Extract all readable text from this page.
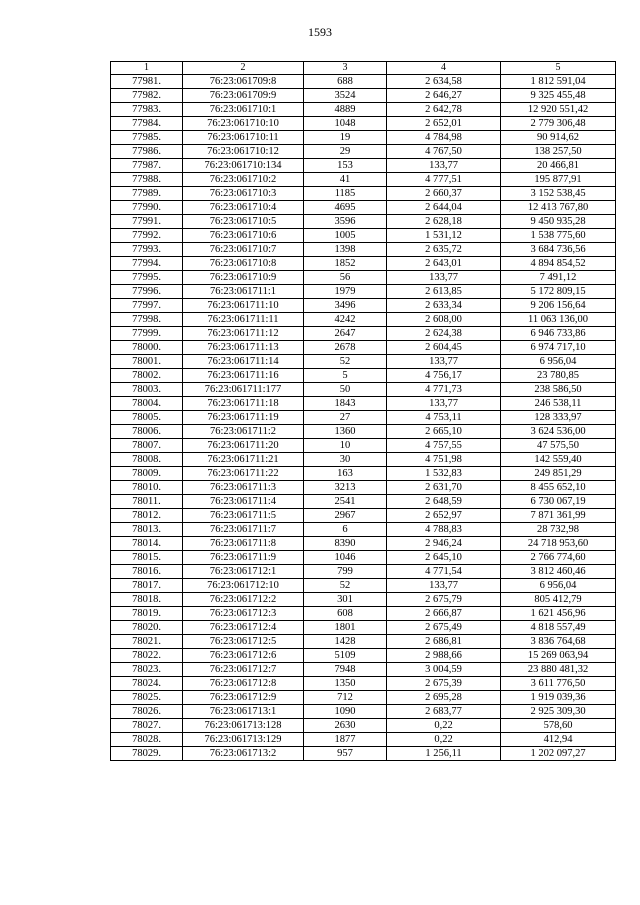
1593
1	2	3	4	5
77981.	76:23:061709:8	688	2 634,58	1 812 591,04
77982.	76:23:061709:9	3524	2 646,27	9 325 455,48
77983.	76:23:061710:1	4889	2 642,78	12 920 551,42
77984.	76:23:061710:10	1048	2 652,01	2 779 306,48
77985.	76:23:061710:11	19	4 784,98	90 914,62
77986.	76:23:061710:12	29	4 767,50	138 257,50
77987.	76:23:061710:134	153	133,77	20 466,81
77988.	76:23:061710:2	41	4 777,51	195 877,91
77989.	76:23:061710:3	1185	2 660,37	3 152 538,45
77990.	76:23:061710:4	4695	2 644,04	12 413 767,80
77991.	76:23:061710:5	3596	2 628,18	9 450 935,28
77992.	76:23:061710:6	1005	1 531,12	1 538 775,60
77993.	76:23:061710:7	1398	2 635,72	3 684 736,56
77994.	76:23:061710:8	1852	2 643,01	4 894 854,52
77995.	76:23:061710:9	56	133,77	7 491,12
77996.	76:23:061711:1	1979	2 613,85	5 172 809,15
77997.	76:23:061711:10	3496	2 633,34	9 206 156,64
77998.	76:23:061711:11	4242	2 608,00	11 063 136,00
77999.	76:23:061711:12	2647	2 624,38	6 946 733,86
78000.	76:23:061711:13	2678	2 604,45	6 974 717,10
78001.	76:23:061711:14	52	133,77	6 956,04
78002.	76:23:061711:16	5	4 756,17	23 780,85
78003.	76:23:061711:177	50	4 771,73	238 586,50
78004.	76:23:061711:18	1843	133,77	246 538,11
78005.	76:23:061711:19	27	4 753,11	128 333,97
78006.	76:23:061711:2	1360	2 665,10	3 624 536,00
78007.	76:23:061711:20	10	4 757,55	47 575,50
78008.	76:23:061711:21	30	4 751,98	142 559,40
78009.	76:23:061711:22	163	1 532,83	249 851,29
78010.	76:23:061711:3	3213	2 631,70	8 455 652,10
78011.	76:23:061711:4	2541	2 648,59	6 730 067,19
78012.	76:23:061711:5	2967	2 652,97	7 871 361,99
78013.	76:23:061711:7	6	4 788,83	28 732,98
78014.	76:23:061711:8	8390	2 946,24	24 718 953,60
78015.	76:23:061711:9	1046	2 645,10	2 766 774,60
78016.	76:23:061712:1	799	4 771,54	3 812 460,46
78017.	76:23:061712:10	52	133,77	6 956,04
78018.	76:23:061712:2	301	2 675,79	805 412,79
78019.	76:23:061712:3	608	2 666,87	1 621 456,96
78020.	76:23:061712:4	1801	2 675,49	4 818 557,49
78021.	76:23:061712:5	1428	2 686,81	3 836 764,68
78022.	76:23:061712:6	5109	2 988,66	15 269 063,94
78023.	76:23:061712:7	7948	3 004,59	23 880 481,32
78024.	76:23:061712:8	1350	2 675,39	3 611 776,50
78025.	76:23:061712:9	712	2 695,28	1 919 039,36
78026.	76:23:061713:1	1090	2 683,77	2 925 309,30
78027.	76:23:061713:128	2630	0,22	578,60
78028.	76:23:061713:129	1877	0,22	412,94
78029.	76:23:061713:2	957	1 256,11	1 202 097,27
